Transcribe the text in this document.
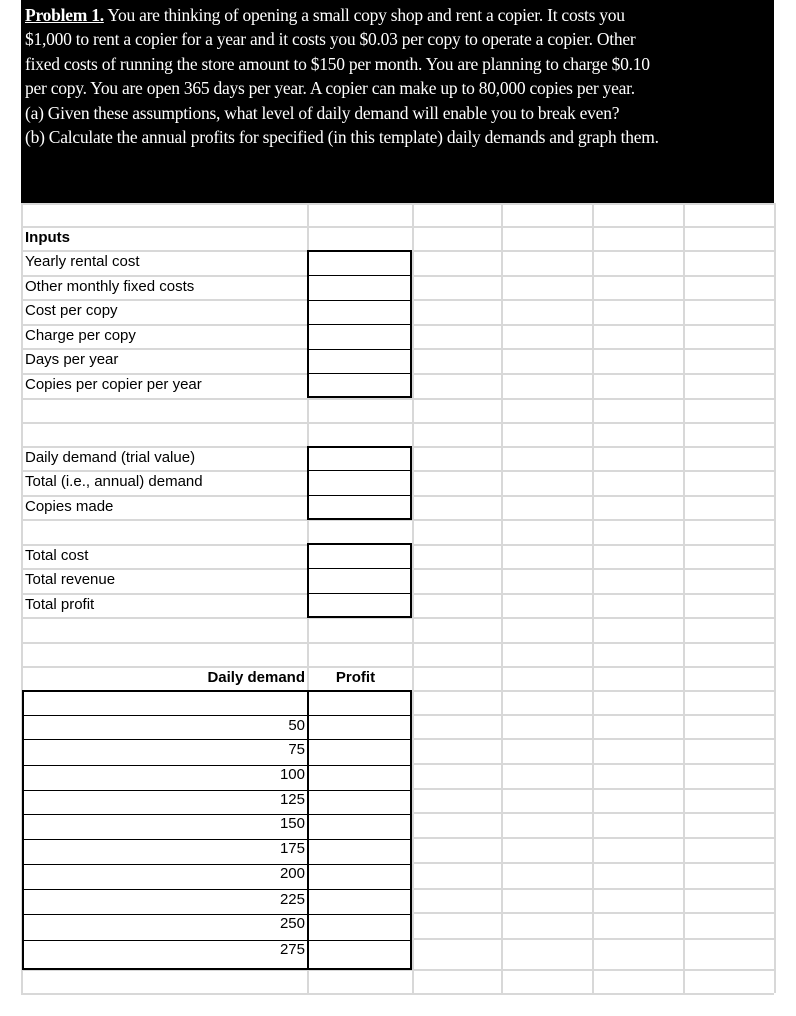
Problem 1. You are thinking of opening a small copy shop and rent a copier. It costs you
$1,000 to rent a copier for a year and it costs you $0.03 per copy to operate a copier. Other
fixed costs of running the store amount to $150 per month. You are planning to charge $0.10
per copy. You are open 365 days per year. A copier can make up to 80,000 copies per year.
(a) Given these assumptions, what level of daily demand will enable you to break even?
(b) Calculate the annual profits for specified (in this template) daily demands and graph them.
Inputs
Yearly rental cost
Other monthly fixed costs
Cost per copy
Charge per copy
Days per year
Copies per copier per year
Daily demand (trial value)
Total (i.e., annual) demand
Copies made
Total cost
Total revenue
Total profit
Daily demand	Profit
50
75
100
125
150
175
200
225
250
275
